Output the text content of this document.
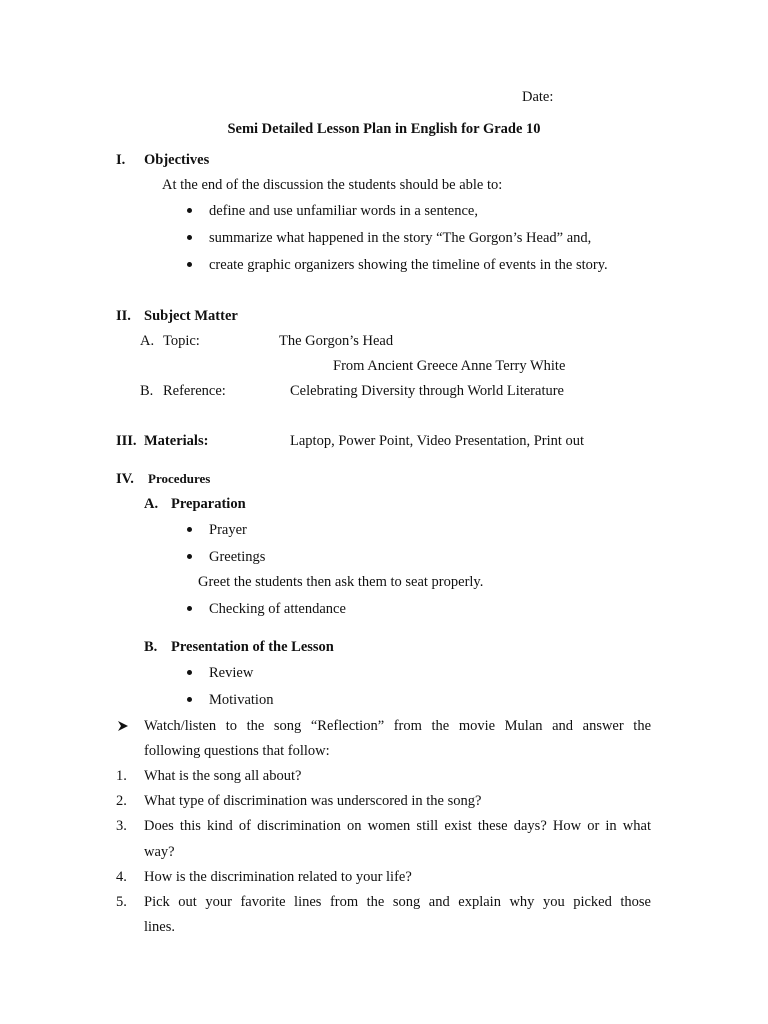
Date:
Semi Detailed Lesson Plan in English for Grade 10
I. Objectives
At the end of the discussion the students should be able to:
define and use unfamiliar words in a sentence,
summarize what happened in the story “The Gorgon’s Head” and,
create graphic organizers showing the timeline of events in the story.
II. Subject Matter
A. Topic:	The Gorgon’s Head
From Ancient Greece Anne Terry White
B. Reference:	Celebrating Diversity through World Literature
III. Materials:	Laptop, Power Point, Video Presentation, Print out
IV. Procedures
A. Preparation
Prayer
Greetings
Greet the students then ask them to seat properly.
Checking of attendance
B. Presentation of the Lesson
Review
Motivation
Watch/listen to the song “Reflection” from the movie Mulan and answer the
following questions that follow:
1. What is the song all about?
2. What type of discrimination was underscored in the song?
3. Does this kind of discrimination on women still exist these days? How or in what
way?
4. How is the discrimination related to your life?
5. Pick out your favorite lines from the song and explain why you picked those
lines.
